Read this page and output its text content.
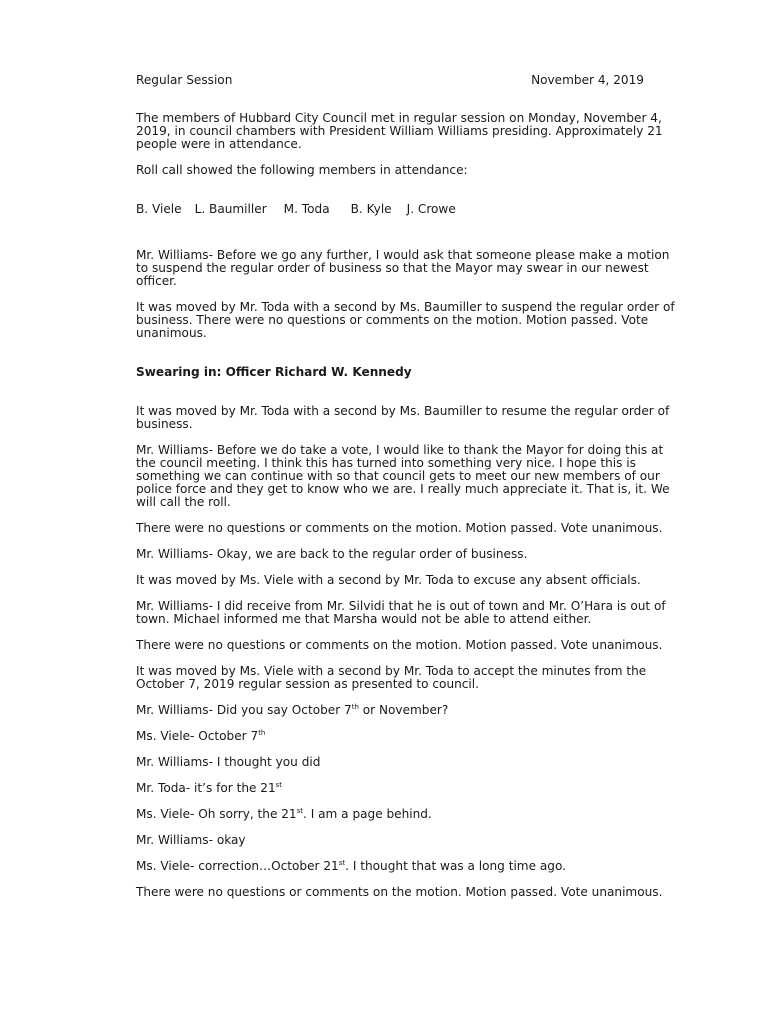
Regular Session	November 4, 2019

The members of Hubbard City Council met in regular session on Monday, November 4, 2019, in council chambers with President William Williams presiding. Approximately 21 people were in attendance.

Roll call showed the following members in attendance:

B. Viele L. Baumiller M. Toda B. Kyle J. Crowe

Mr. Williams- Before we go any further, I would ask that someone please make a motion to suspend the regular order of business so that the Mayor may swear in our newest officer.

It was moved by Mr. Toda with a second by Ms. Baumiller to suspend the regular order of business. There were no questions or comments on the motion. Motion passed. Vote unanimous.

Swearing in: Officer Richard W. Kennedy

It was moved by Mr. Toda with a second by Ms. Baumiller to resume the regular order of business.

Mr. Williams- Before we do take a vote, I would like to thank the Mayor for doing this at the council meeting. I think this has turned into something very nice. I hope this is something we can continue with so that council gets to meet our new members of our police force and they get to know who we are. I really much appreciate it. That is, it. We will call the roll.

There were no questions or comments on the motion. Motion passed. Vote unanimous.

Mr. Williams- Okay, we are back to the regular order of business.

It was moved by Ms. Viele with a second by Mr. Toda to excuse any absent officials.

Mr. Williams- I did receive from Mr. Silvidi that he is out of town and Mr. O’Hara is out of town. Michael informed me that Marsha would not be able to attend either.

There were no questions or comments on the motion. Motion passed. Vote unanimous.

It was moved by Ms. Viele with a second by Mr. Toda to accept the minutes from the October 7, 2019 regular session as presented to council.

Mr. Williams- Did you say October 7th or November?

Ms. Viele- October 7th

Mr. Williams- I thought you did

Mr. Toda- it’s for the 21st

Ms. Viele- Oh sorry, the 21st. I am a page behind.

Mr. Williams- okay

Ms. Viele- correction…October 21st. I thought that was a long time ago.

There were no questions or comments on the motion. Motion passed. Vote unanimous.
